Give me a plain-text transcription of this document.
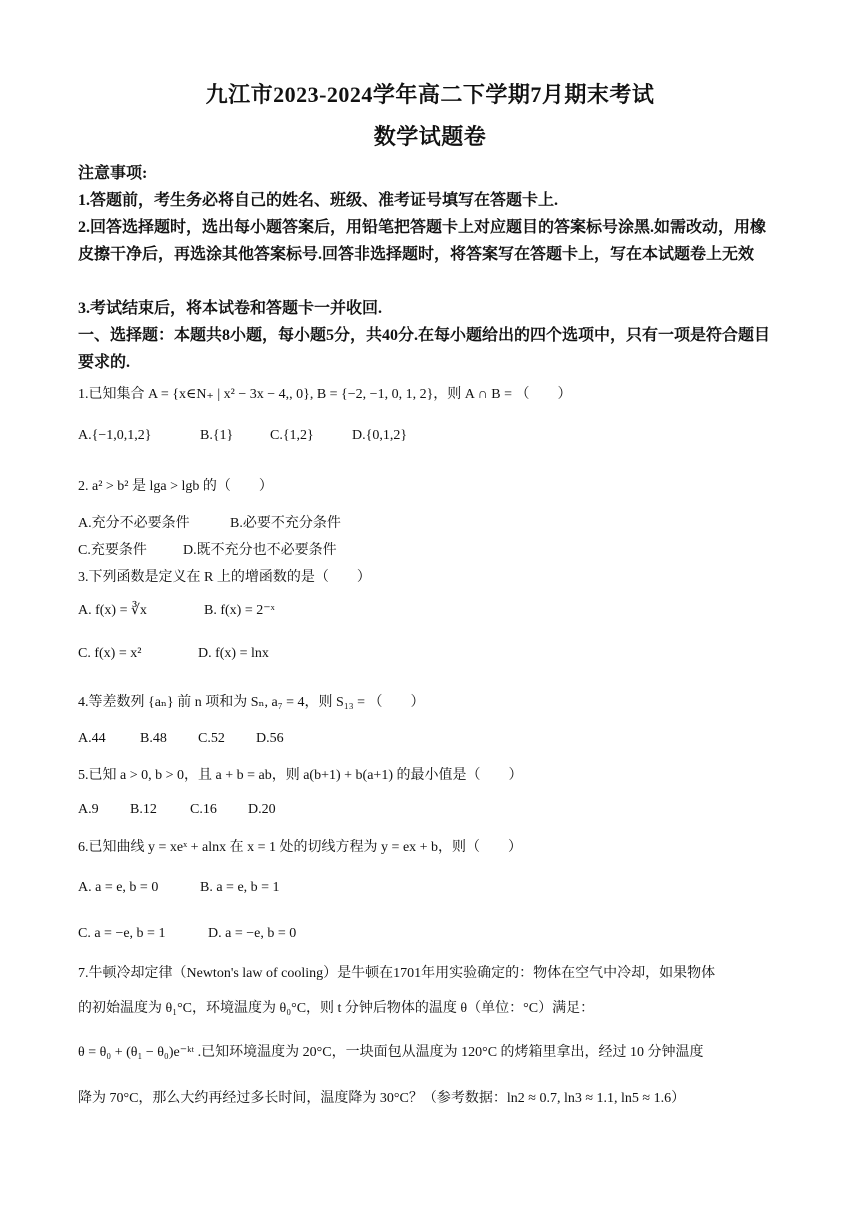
九江市2023-2024学年高二下学期7月期末考试
数学试题卷
注意事项:
1.答题前，考生务必将自己的姓名、班级、准考证号填写在答题卡上.
2.回答选择题时，选出每小题答案后，用铅笔把答题卡上对应题目的答案标号涂黑.如需改动，用橡皮擦干净后，再选涂其他答案标号.回答非选择题时，将答案写在答题卡上，写在本试题卷上无效
3.考试结束后，将本试卷和答题卡一并收回.
一、选择题：本题共8小题，每小题5分，共40分.在每小题给出的四个选项中，只有一项是符合题目要求的.
1.已知集合 A = {x∈N₊ | x² − 3x − 4,, 0}, B = {−2, −1, 0, 1, 2}，则 A ∩ B = （　　）
A.{−1,0,1,2}	B.{1}	C.{1,2}	D.{0,1,2}
2. a² > b² 是 lga > lgb 的（　　）
A.充分不必要条件	B.必要不充分条件
C.充要条件	D.既不充分也不必要条件
3.下列函数是定义在 R 上的增函数的是（　　）
A. f(x) = ∛x	B. f(x) = 2⁻ˣ
C. f(x) = x²	D. f(x) = lnx
4.等差数列 {aₙ} 前 n 项和为 Sₙ, a₇ = 4，则 S₁₃ = （　　）
A.44 B.48 C.52 D.56
5.已知 a > 0, b > 0，且 a + b = ab，则 a(b+1) + b(a+1) 的最小值是（　　）
A.9 B.12 C.16 D.20
6.已知曲线 y = xeˣ + alnx 在 x = 1 处的切线方程为 y = ex + b，则（　　）
A. a = e, b = 0	B. a = e, b = 1
C. a = −e, b = 1	D. a = −e, b = 0
7.牛顿冷却定律（Newton's law of cooling）是牛顿在1701年用实验确定的：物体在空气中冷却，如果物体
的初始温度为 θ₁°C，环境温度为 θ₀°C，则 t 分钟后物体的温度 θ（单位：°C）满足：
θ = θ₀ + (θ₁ − θ₀)e⁻ᵏᵗ .已知环境温度为 20°C，一块面包从温度为 120°C 的烤箱里拿出，经过 10 分钟温度
降为 70°C，那么大约再经过多长时间，温度降为 30°C？（参考数据：ln2 ≈ 0.7, ln3 ≈ 1.1, ln5 ≈ 1.6）
